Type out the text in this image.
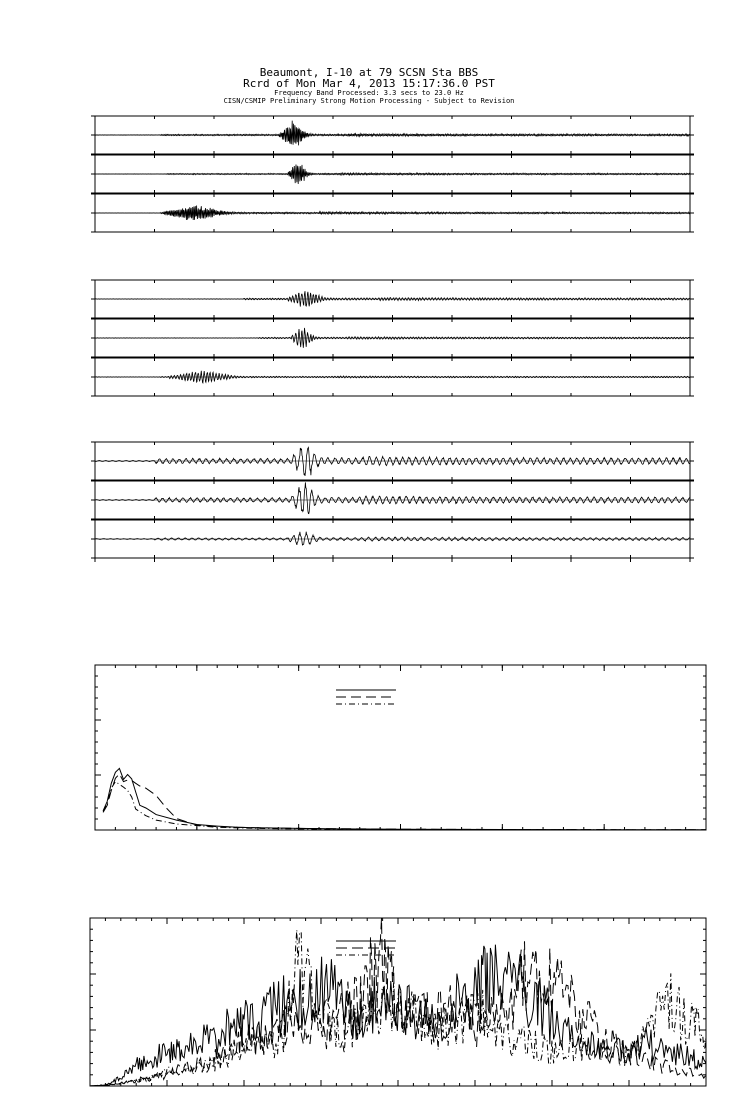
Beaumont, I-10 at 79 SCSN Sta BBS
Rcrd of Mon Mar 4, 2013 15:17:36.0 PST
Frequency Band Processed: 3.3 secs to 23.0 Hz
CISN/CSMIP Preliminary Strong Motion Processing - Subject to Revision
